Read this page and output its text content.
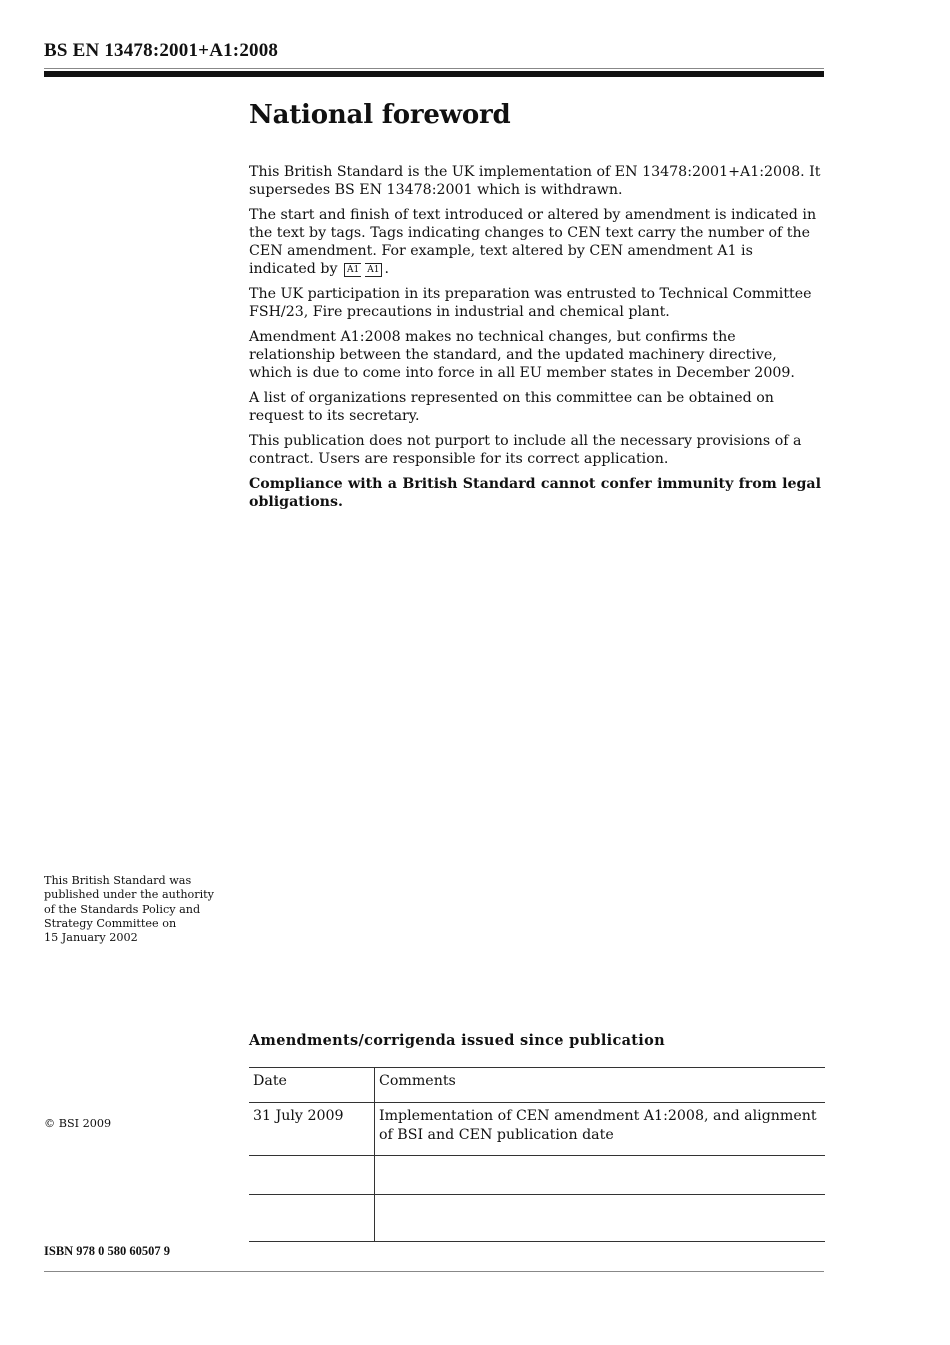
BS EN 13478:2001+A1:2008
National foreword

This British Standard is the UK implementation of EN 13478:2001+A1:2008. It supersedes BS EN 13478:2001 which is withdrawn.

The start and finish of text introduced or altered by amendment is indicated in the text by tags. Tags indicating changes to CEN text carry the number of the CEN amendment. For example, text altered by CEN amendment A1 is indicated by A1 A1 .

The UK participation in its preparation was entrusted to Technical Committee FSH/23, Fire precautions in industrial and chemical plant.

Amendment A1:2008 makes no technical changes, but confirms the relationship between the standard, and the updated machinery directive, which is due to come into force in all EU member states in December 2009.

A list of organizations represented on this committee can be obtained on request to its secretary.

This publication does not purport to include all the necessary provisions of a contract. Users are responsible for its correct application.

Compliance with a British Standard cannot confer immunity from legal obligations.

This British Standard was
published under the authority
of the Standards Policy and
Strategy Committee on
15 January 2002
Amendments/corrigenda issued since publication
Date	Comments
31 July 2009	Implementation of CEN amendment A1:2008, and alignment of BSI and CEN publication date

© BSI 2009
ISBN 978 0 580 60507 9
